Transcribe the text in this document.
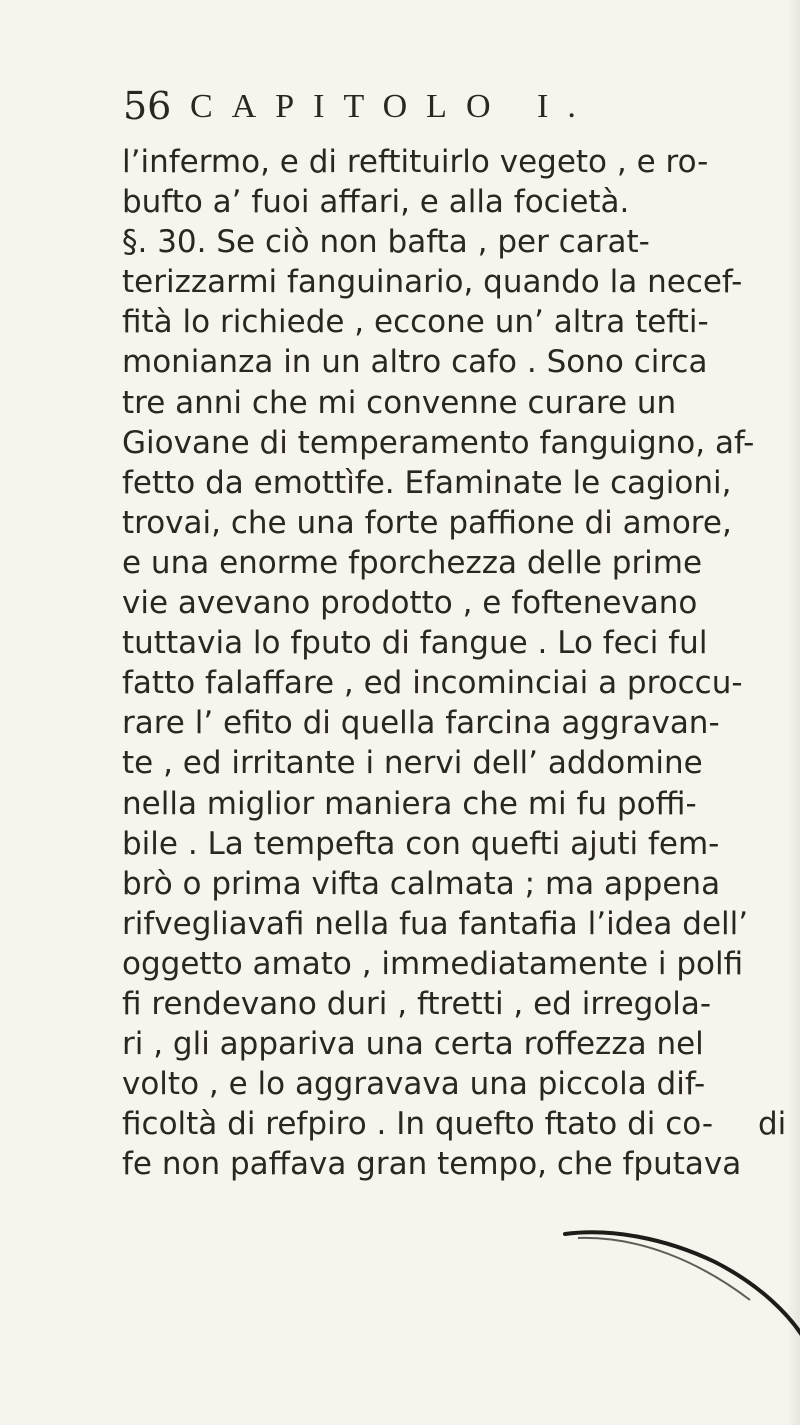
56 CAPITOLO I.
l’infermo, e di reftituirlo vegeto , e ro-
bufto a’ fuoi affari, e alla focietà.
§. 30. Se ciò non bafta , per carat-
terizzarmi fanguinario, quando la necef-
fità lo richiede , eccone un’ altra tefti-
monianza in un altro cafo . Sono circa
tre anni che mi convenne curare un
Giovane di temperamento fanguigno, af-
fetto da emottìfe. Efaminate le cagioni,
trovai, che una forte paffione di amore,
e una enorme fporchezza delle prime
vie avevano prodotto , e foftenevano
tuttavia lo fputo di fangue . Lo feci ful
fatto falaffare , ed incominciai a proccu-
rare l’ efito di quella farcina aggravan-
te , ed irritante i nervi dell’ addomine
nella miglior maniera che mi fu poffi-
bile . La tempefta con quefti ajuti fem-
brò o prima vifta calmata ; ma appena
rifvegliavafi nella fua fantafia l’idea dell’
oggetto amato , immediatamente i polfi
fi rendevano duri , ftretti , ed irregola-
ri , gli appariva una certa roffezza nel
volto , e lo aggravava una piccola dif-
ficoltà di refpiro . In quefto ftato di co-
fe non paffava gran tempo, che fputava
di
